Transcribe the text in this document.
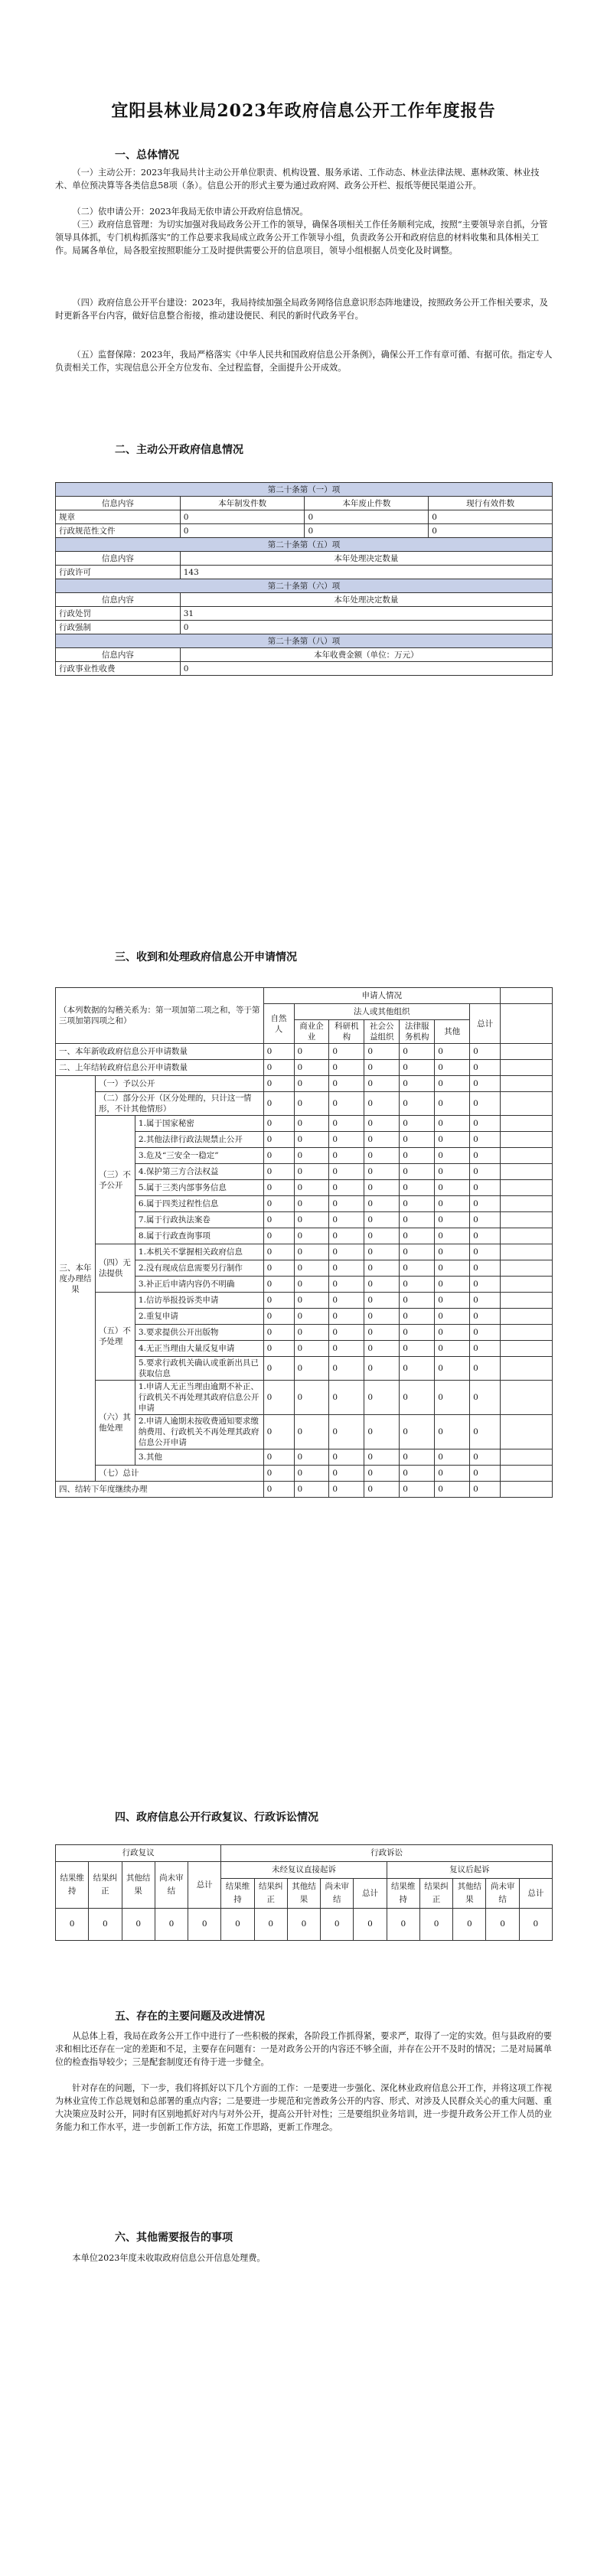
宜阳县林业局2023年政府信息公开工作年度报告
一、总体情况

（一）主动公开：2023年我局共计主动公开单位职责、机构设置、服务承诺、工作动态、林业法律法规、惠林政策、林业技术、单位预决算等各类信息58项（条）。信息公开的形式主要为通过政府网、政务公开栏、报纸等便民渠道公开。

（二）依申请公开：2023年我局无依申请公开政府信息情况。

（三）政府信息管理：为切实加强对我局政务公开工作的领导，确保各项相关工作任务顺利完成，按照“主要领导亲自抓，分管领导具体抓，专门机构抓落实”的工作总要求我局成立政务公开工作领导小组，负责政务公开和政府信息的材料收集和具体相关工作。局属各单位，局各股室按照职能分工及时提供需要公开的信息项目，领导小组根据人员变化及时调整。

（四）政府信息公开平台建设：2023年，我局持续加强全局政务网络信息意识形态阵地建设，按照政务公开工作相关要求，及时更新各平台内容，做好信息整合衔接，推动建设便民、利民的新时代政务平台。

（五）监督保障：2023年，我局严格落实《中华人民共和国政府信息公开条例》，确保公开工作有章可循、有据可依。指定专人负责相关工作，实现信息公开全方位发布、全过程监督，全面提升公开成效。

二、主动公开政府信息情况
第二十条第（一）项			
信息内容	本年制发件数	本年废止件数	现行有效件数
规章	0	0	0
行政规范性文件	0	0	0
第二十条第（五）项			
信息内容	本年处理决定数量		
行政许可	143		
第二十条第（六）项			
信息内容	本年处理决定数量		
行政处罚	31		
行政强制	0		
第二十条第（八）项			
信息内容	本年收费金额（单位：万元）		
行政事业性收费	0		
三、收到和处理政府信息公开申请情况
（本列数据的勾稽关系为：第一项加第二项之和，等于第三项加第四项之和）			申请人情况							
			自然人	法人或其他组织					总计	
				商业企业	科研机构	社会公益组织	法律服务机构	其他		
一、本年新收政府信息公开申请数量			0	0	0	0	0	0	0	
二、上年结转政府信息公开申请数量			0	0	0	0	0	0	0	
三、本年度办理结果	（一）予以公开		0	0	0	0	0	0	0	
	（二）部分公开（区分处理的，只计这一情形，不计其他情形）		0	0	0	0	0	0	0	
	（三）不予公开	1.属于国家秘密	0	0	0	0	0	0	0	
		2.其他法律行政法规禁止公开	0	0	0	0	0	0	0	
		3.危及“三安全一稳定”	0	0	0	0	0	0	0	
		4.保护第三方合法权益	0	0	0	0	0	0	0	
		5.属于三类内部事务信息	0	0	0	0	0	0	0	
		6.属于四类过程性信息	0	0	0	0	0	0	0	
		7.属于行政执法案卷	0	0	0	0	0	0	0	
		8.属于行政查询事项	0	0	0	0	0	0	0	
	（四）无法提供	1.本机关不掌握相关政府信息	0	0	0	0	0	0	0	
		2.没有现成信息需要另行制作	0	0	0	0	0	0	0	
		3.补正后申请内容仍不明确	0	0	0	0	0	0	0	
	（五）不予处理	1.信访举报投诉类申请	0	0	0	0	0	0	0	
		2.重复申请	0	0	0	0	0	0	0	
		3.要求提供公开出版物	0	0	0	0	0	0	0	
		4.无正当理由大量反复申请	0	0	0	0	0	0	0	
		5.要求行政机关确认或重新出具已获取信息	0	0	0	0	0	0	0	
	（六）其他处理	1.申请人无正当理由逾期不补正、行政机关不再处理其政府信息公开申请	0	0	0	0	0	0	0	
		2.申请人逾期未按收费通知要求缴纳费用、行政机关不再处理其政府信息公开申请	0	0	0	0	0	0	0	
		3.其他	0	0	0	0	0	0	0	
	（七）总计		0	0	0	0	0	0	0	
四、结转下年度继续办理			0	0	0	0	0	0	0	
四、政府信息公开行政复议、行政诉讼情况
行政复议					行政诉讼									
结果维持	结果纠正	其他结果	尚未审结	总计	未经复议直接起诉					复议后起诉				
					结果维持	结果纠正	其他结果	尚未审结	总计	结果维持	结果纠正	其他结果	尚未审结	总计
0	0	0	0	0	0	0	0	0	0	0	0	0	0	0
五、存在的主要问题及改进情况

从总体上看，我局在政务公开工作中进行了一些积极的探索，各阶段工作抓得紧，要求严，取得了一定的实效。但与县政府的要求和相比还存在一定的差距和不足，主要存在问题有：一是对政务公开的内容还不够全面，并存在公开不及时的情况；二是对局属单位的检查指导较少；三是配套制度还有待于进一步健全。

针对存在的问题，下一步，我们将抓好以下几个方面的工作：一是要进一步强化、深化林业政府信息公开工作，并将这项工作视为林业宣传工作总规划和总部署的重点内容；二是要进一步规范和完善政务公开的内容、形式、对涉及人民群众关心的重大问题、重大决策应及时公开，同时有区别地抓好对内与对外公开，提高公开针对性；三是要组织业务培训，进一步提升政务公开工作人员的业务能力和工作水平，进一步创新工作方法，拓宽工作思路，更新工作理念。

六、其他需要报告的事项

本单位2023年度未收取政府信息公开信息处理费。
